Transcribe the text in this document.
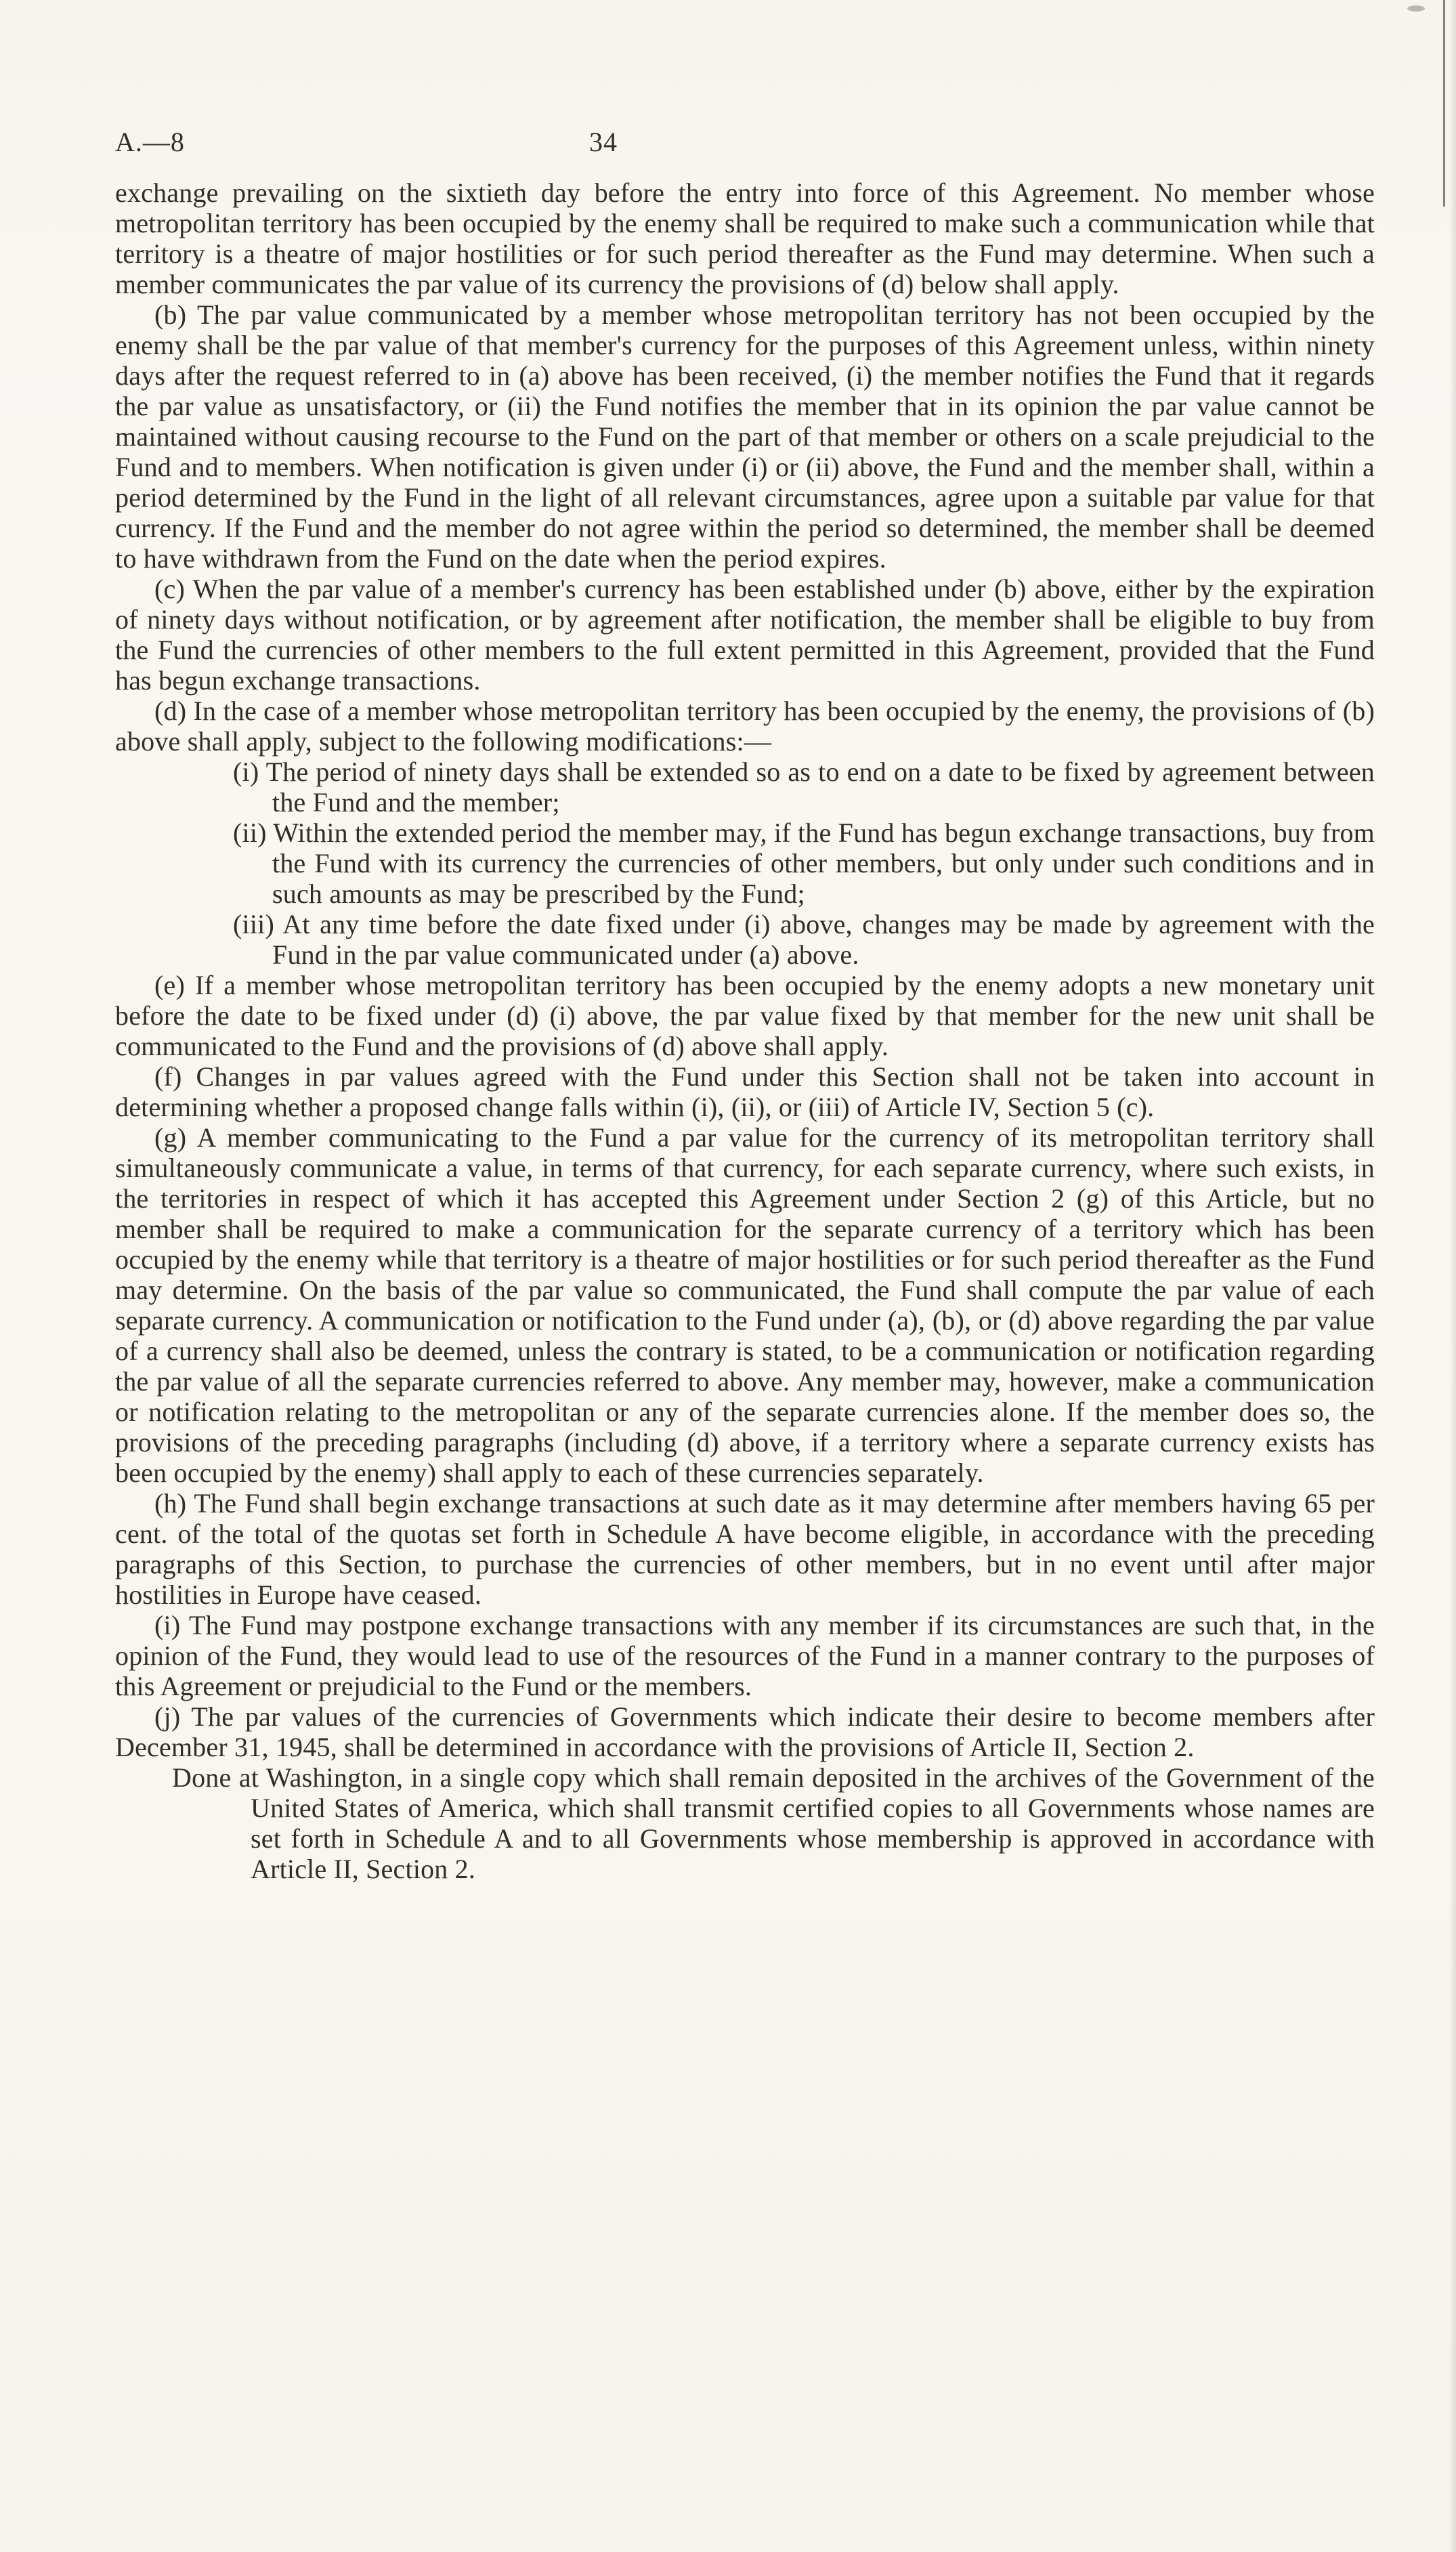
A.—8	34

exchange prevailing on the sixtieth day before the entry into force of this Agreement. No member whose metropolitan territory has been occupied by the enemy shall be required to make such a communication while that territory is a theatre of major hostilities or for such period thereafter as the Fund may determine. When such a member communicates the par value of its currency the provisions of (d) below shall apply.

(b) The par value communicated by a member whose metropolitan territory has not been occupied by the enemy shall be the par value of that member's currency for the purposes of this Agreement unless, within ninety days after the request referred to in (a) above has been received, (i) the member notifies the Fund that it regards the par value as unsatisfactory, or (ii) the Fund notifies the member that in its opinion the par value cannot be maintained without causing recourse to the Fund on the part of that member or others on a scale prejudicial to the Fund and to members. When notification is given under (i) or (ii) above, the Fund and the member shall, within a period determined by the Fund in the light of all relevant circumstances, agree upon a suitable par value for that currency. If the Fund and the member do not agree within the period so determined, the member shall be deemed to have withdrawn from the Fund on the date when the period expires.

(c) When the par value of a member's currency has been established under (b) above, either by the expiration of ninety days without notification, or by agreement after notification, the member shall be eligible to buy from the Fund the currencies of other members to the full extent permitted in this Agreement, provided that the Fund has begun exchange transactions.

(d) In the case of a member whose metropolitan territory has been occupied by the enemy, the provisions of (b) above shall apply, subject to the following modifications:—

(i) The period of ninety days shall be extended so as to end on a date to be fixed by agreement between the Fund and the member;

(ii) Within the extended period the member may, if the Fund has begun exchange transactions, buy from the Fund with its currency the currencies of other members, but only under such conditions and in such amounts as may be prescribed by the Fund;

(iii) At any time before the date fixed under (i) above, changes may be made by agreement with the Fund in the par value communicated under (a) above.

(e) If a member whose metropolitan territory has been occupied by the enemy adopts a new monetary unit before the date to be fixed under (d) (i) above, the par value fixed by that member for the new unit shall be communicated to the Fund and the provisions of (d) above shall apply.

(f) Changes in par values agreed with the Fund under this Section shall not be taken into account in determining whether a proposed change falls within (i), (ii), or (iii) of Article IV, Section 5 (c).

(g) A member communicating to the Fund a par value for the currency of its metropolitan territory shall simultaneously communicate a value, in terms of that currency, for each separate currency, where such exists, in the territories in respect of which it has accepted this Agreement under Section 2 (g) of this Article, but no member shall be required to make a communication for the separate currency of a territory which has been occupied by the enemy while that territory is a theatre of major hostilities or for such period thereafter as the Fund may determine. On the basis of the par value so communicated, the Fund shall compute the par value of each separate currency. A communication or notification to the Fund under (a), (b), or (d) above regarding the par value of a currency shall also be deemed, unless the contrary is stated, to be a communication or notification regarding the par value of all the separate currencies referred to above. Any member may, however, make a communication or notification relating to the metropolitan or any of the separate currencies alone. If the member does so, the provisions of the preceding paragraphs (including (d) above, if a territory where a separate currency exists has been occupied by the enemy) shall apply to each of these currencies separately.

(h) The Fund shall begin exchange transactions at such date as it may determine after members having 65 per cent. of the total of the quotas set forth in Schedule A have become eligible, in accordance with the preceding paragraphs of this Section, to purchase the currencies of other members, but in no event until after major hostilities in Europe have ceased.

(i) The Fund may postpone exchange transactions with any member if its circumstances are such that, in the opinion of the Fund, they would lead to use of the resources of the Fund in a manner contrary to the purposes of this Agreement or prejudicial to the Fund or the members.

(j) The par values of the currencies of Governments which indicate their desire to become members after December 31, 1945, shall be determined in accordance with the provisions of Article II, Section 2.

Done at Washington, in a single copy which shall remain deposited in the archives of the Government of the United States of America, which shall transmit certified copies to all Governments whose names are set forth in Schedule A and to all Governments whose membership is approved in accordance with Article II, Section 2.
